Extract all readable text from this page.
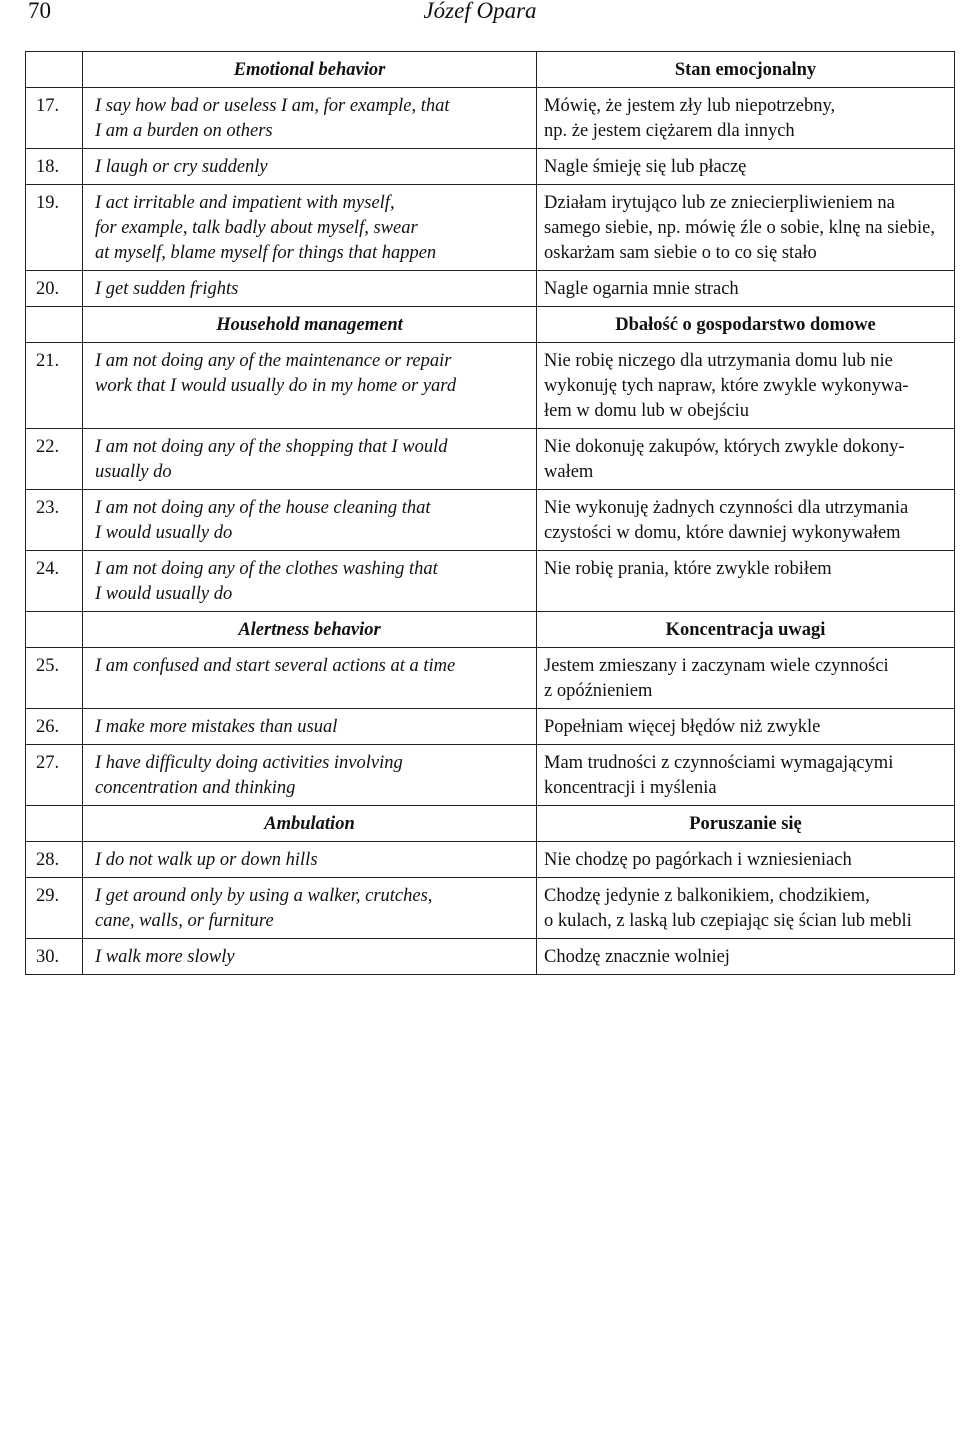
70	Józef Opara
	Emotional behavior	Stan emocjonalny
17.	I say how bad or useless I am, for example, that
I am a burden on others	Mówię, że jestem zły lub niepotrzebny,
np. że jestem ciężarem dla innych
18.	I laugh or cry suddenly	Nagle śmieję się lub płaczę
19.	I act irritable and impatient with myself,
for example, talk badly about myself, swear
at myself, blame myself for things that happen	Działam irytująco lub ze zniecierpliwieniem na
samego siebie, np. mówię źle o sobie, klnę na siebie,
oskarżam sam siebie o to co się stało
20.	I get sudden frights	Nagle ogarnia mnie strach
	Household management	Dbałość o gospodarstwo domowe
21.	I am not doing any of the maintenance or repair
work that I would usually do in my home or yard	Nie robię niczego dla utrzymania domu lub nie
wykonuję tych napraw, które zwykle wykonywa-
łem w domu lub w obejściu
22.	I am not doing any of the shopping that I would
usually do	Nie dokonuję zakupów, których zwykle dokony-
wałem
23.	I am not doing any of the house cleaning that
I would usually do	Nie wykonuję żadnych czynności dla utrzymania
czystości w domu, które dawniej wykonywałem
24.	I am not doing any of the clothes washing that
I would usually do	Nie robię prania, które zwykle robiłem
	Alertness behavior	Koncentracja uwagi
25.	I am confused and start several actions at a time	Jestem zmieszany i zaczynam wiele czynności
z opóźnieniem
26.	I make more mistakes than usual	Popełniam więcej błędów niż zwykle
27.	I have difficulty doing activities involving
concentration and thinking	Mam trudności z czynnościami wymagającymi
koncentracji i myślenia
	Ambulation	Poruszanie się
28.	I do not walk up or down hills	Nie chodzę po pagórkach i wzniesieniach
29.	I get around only by using a walker, crutches,
cane, walls, or furniture	Chodzę jedynie z balkonikiem, chodzikiem,
o kulach, z laską lub czepiając się ścian lub mebli
30.	I walk more slowly	Chodzę znacznie wolniej
